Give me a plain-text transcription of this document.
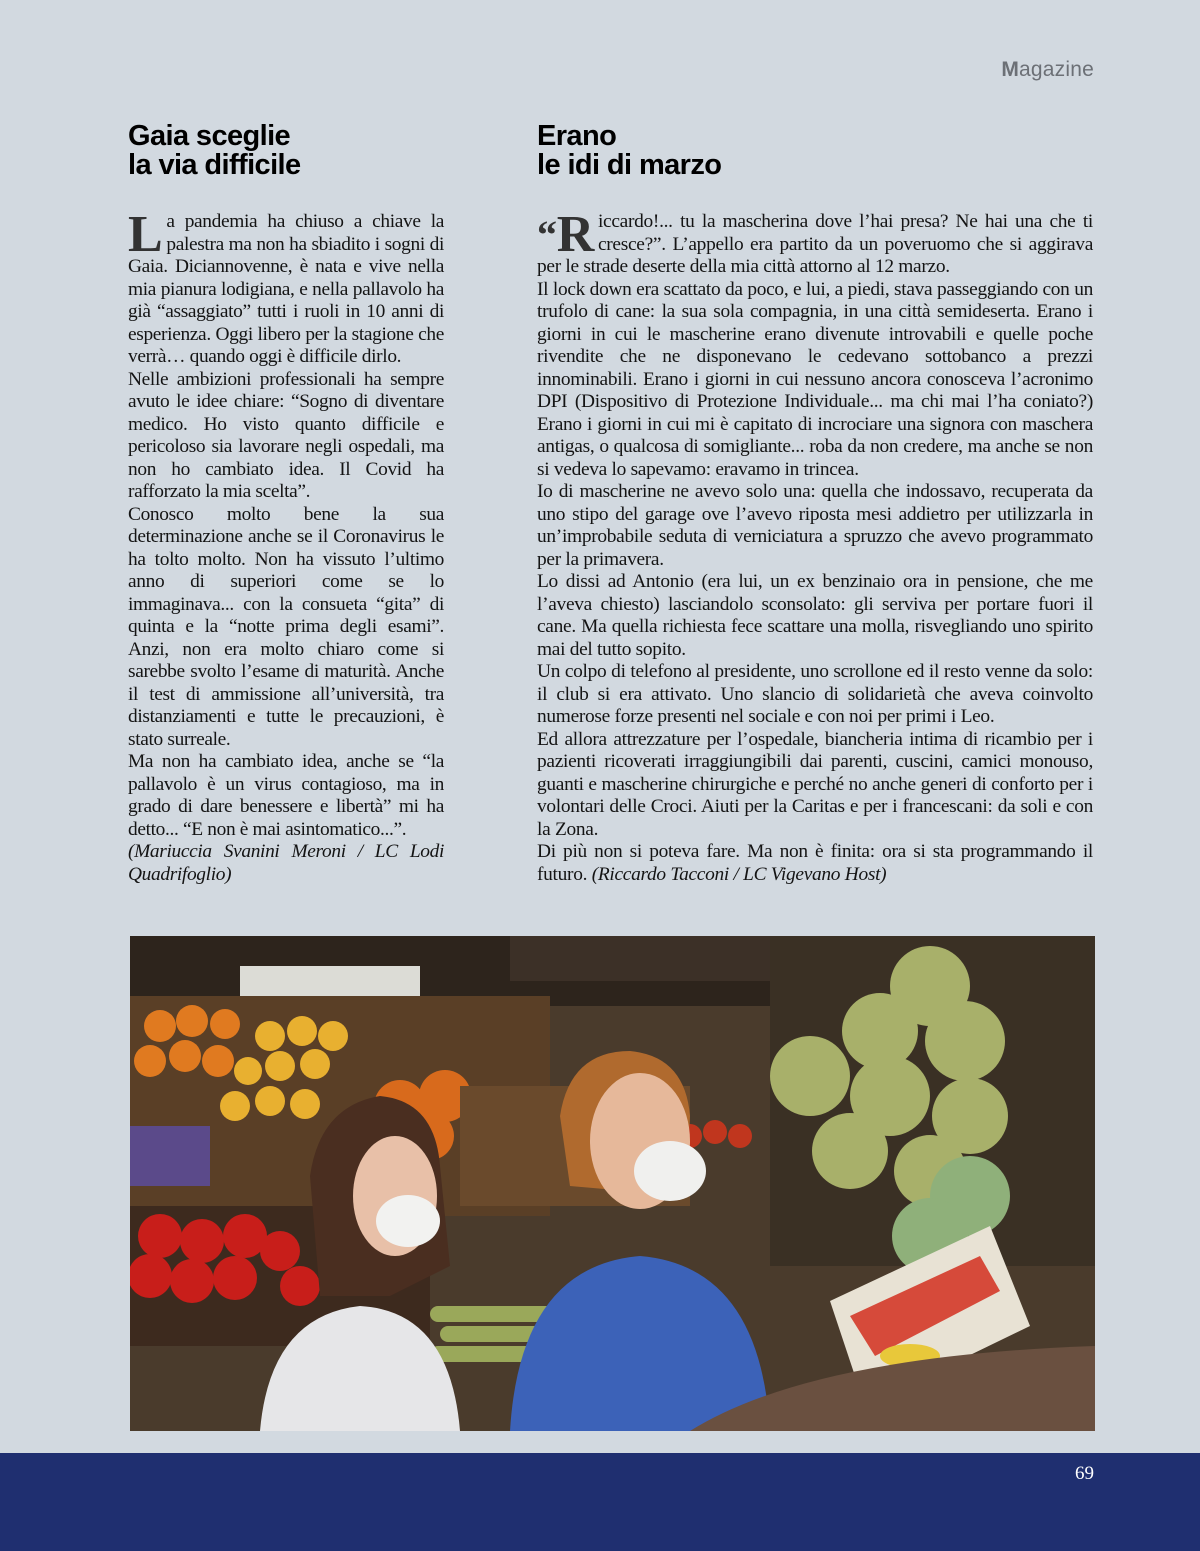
Magazine
Gaia sceglie
la via difficile

La pandemia ha chiuso a chiave la palestra ma non ha sbiadito i sogni di Gaia. Diciannovenne, è nata e vive nella mia pianura lodigiana, e nella pallavolo ha già “assaggiato” tutti i ruoli in 10 anni di esperienza. Oggi libero per la stagione che verrà… quando oggi è difficile dirlo.

Nelle ambizioni professionali ha sempre avuto le idee chiare: “Sogno di diventare medico. Ho visto quanto difficile e pericoloso sia lavorare negli ospedali, ma non ho cambiato idea. Il Covid ha rafforzato la mia scelta”.

Conosco molto bene la sua determinazione anche se il Coronavirus le ha tolto molto. Non ha vissuto l’ultimo anno di superiori come se lo immaginava... con la consueta “gita” di quinta e la “notte prima degli esami”. Anzi, non era molto chiaro come si sarebbe svolto l’esame di maturità. Anche il test di ammissione all’università, tra distanziamenti e tutte le precauzioni, è stato surreale.

Ma non ha cambiato idea, anche se “la pallavolo è un virus contagioso, ma in grado di dare benessere e libertà” mi ha detto... “E non è mai asintomatico...”.

(Mariuccia Svanini Meroni / LC Lodi Quadrifoglio)

Erano
le idi di marzo

“R iccardo!... tu la mascherina dove l’hai presa? Ne hai una che ti cresce?”. L’appello era partito da un poveruomo che si aggirava per le strade deserte della mia città attorno al 12 marzo.

Il lock down era scattato da poco, e lui, a piedi, stava passeggiando con un trufolo di cane: la sua sola compagnia, in una città semideserta. Erano i giorni in cui le mascherine erano divenute introvabili e quelle poche rivendite che ne disponevano le cedevano sottobanco a prezzi innominabili. Erano i giorni in cui nessuno ancora conosceva l’acronimo DPI (Dispositivo di Protezione Individuale... ma chi mai l’ha coniato?) Erano i giorni in cui mi è capitato di incrociare una signora con maschera antigas, o qualcosa di somigliante... roba da non credere, ma anche se non si vedeva lo sapevamo: eravamo in trincea.

Io di mascherine ne avevo solo una: quella che indossavo, recuperata da uno stipo del garage ove l’avevo riposta mesi addietro per utilizzarla in un’improbabile seduta di verniciatura a spruzzo che avevo programmato per la primavera.

Lo dissi ad Antonio (era lui, un ex benzinaio ora in pensione, che me l’aveva chiesto) lasciandolo sconsolato: gli serviva per portare fuori il cane. Ma quella richiesta fece scattare una molla, risvegliando uno spirito mai del tutto sopito.

Un colpo di telefono al presidente, uno scrollone ed il resto venne da solo: il club si era attivato. Uno slancio di solidarietà che aveva coinvolto numerose forze presenti nel sociale e con noi per primi i Leo.

Ed allora attrezzature per l’ospedale, biancheria intima di ricambio per i pazienti ricoverati irraggiungibili dai parenti, cuscini, camici monouso, guanti e mascherine chirurgiche e perché no anche generi di conforto per i volontari delle Croci. Aiuti per la Caritas e per i francescani: da soli e con la Zona.

Di più non si poteva fare. Ma non è finita: ora si sta programmando il futuro. (Riccardo Tacconi / LC Vigevano Host)

69
